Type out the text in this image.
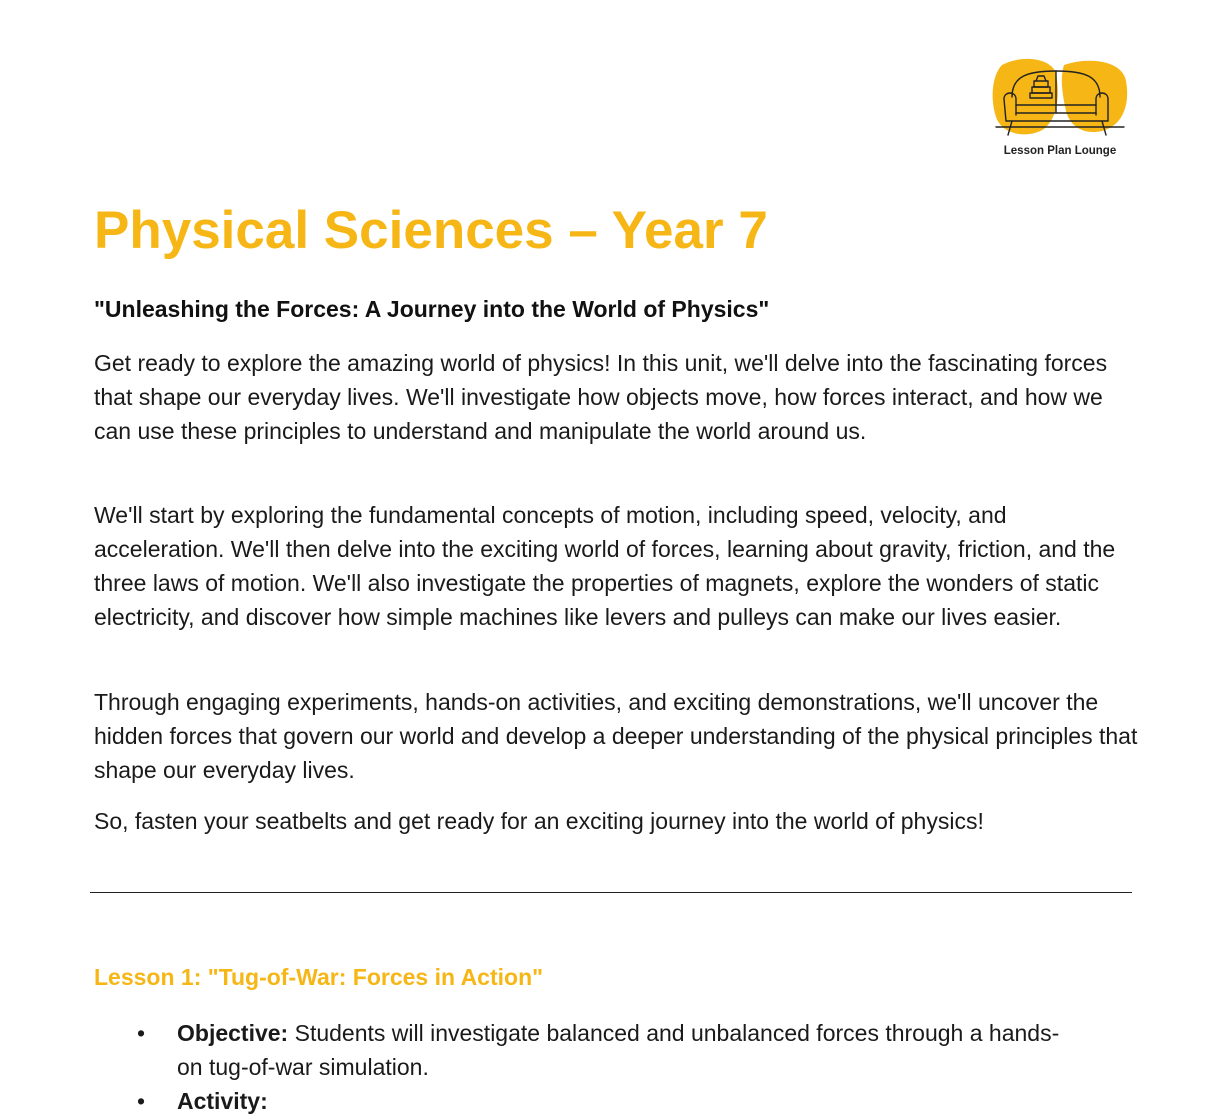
Lesson Plan Lounge
Physical Sciences – Year 7
"Unleashing the Forces: A Journey into the World of Physics"

Get ready to explore the amazing world of physics! In this unit, we'll delve into the fascinating forces that shape our everyday lives. We'll investigate how objects move, how forces interact, and how we can use these principles to understand and manipulate the world around us.

We'll start by exploring the fundamental concepts of motion, including speed, velocity, and acceleration. We'll then delve into the exciting world of forces, learning about gravity, friction, and the three laws of motion. We'll also investigate the properties of magnets, explore the wonders of static electricity, and discover how simple machines like levers and pulleys can make our lives easier.

Through engaging experiments, hands-on activities, and exciting demonstrations, we'll uncover the hidden forces that govern our world and develop a deeper understanding of the physical principles that shape our everyday lives.

So, fasten your seatbelts and get ready for an exciting journey into the world of physics!

Lesson 1: "Tug-of-War: Forces in Action"
• Objective: Students will investigate balanced and unbalanced forces through a hands-on tug-of-war simulation.
• Activity:
